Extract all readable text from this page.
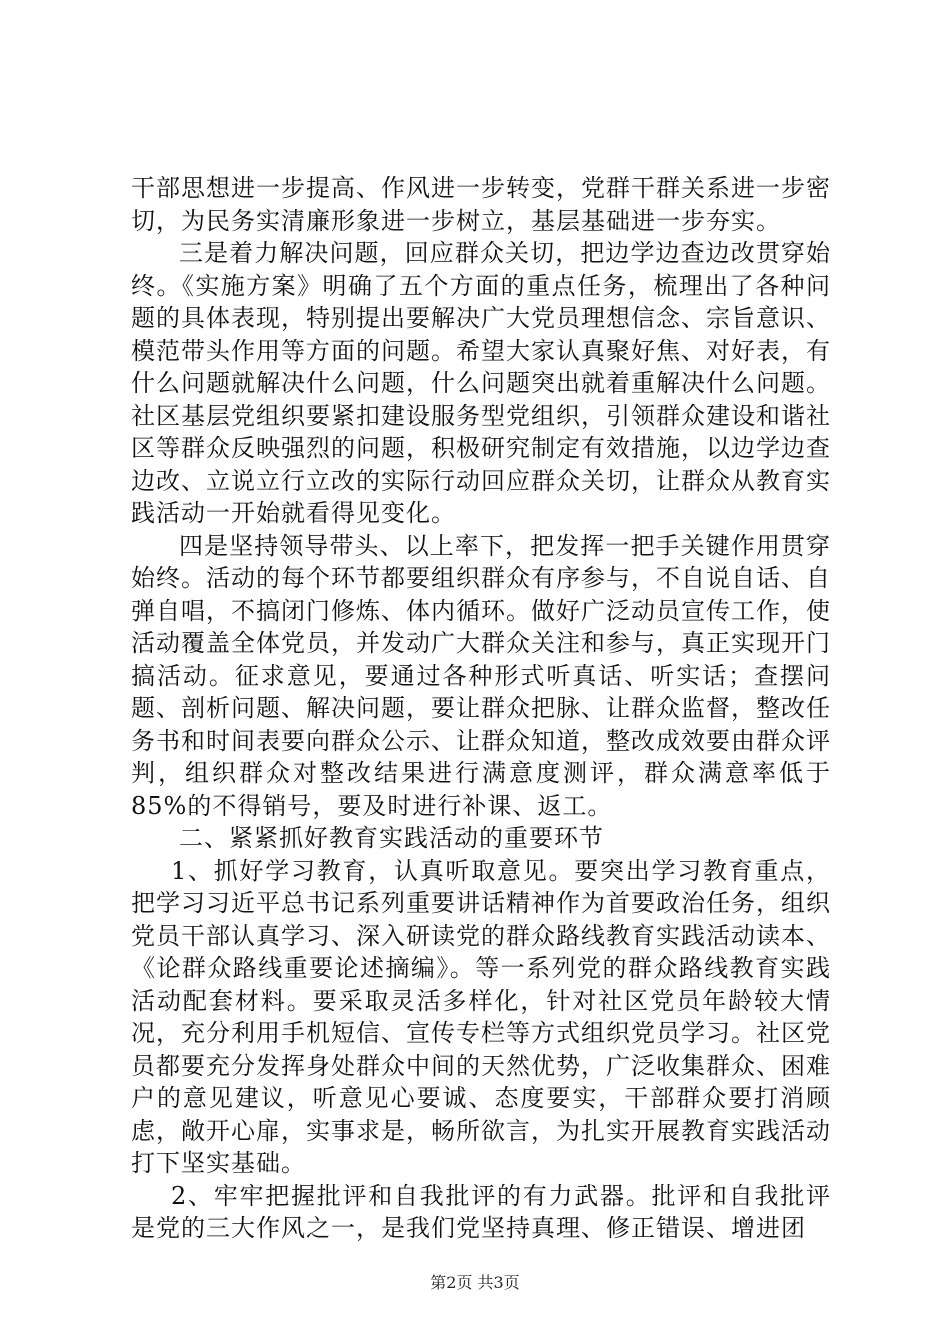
干部思想进一步提高、作风进一步转变，党群干群关系进一步密切，为民务实清廉形象进一步树立，基层基础进一步夯实。

三是着力解决问题，回应群众关切，把边学边查边改贯穿始终。《实施方案》明确了五个方面的重点任务，梳理出了各种问题的具体表现，特别提出要解决广大党员理想信念、宗旨意识、模范带头作用等方面的问题。希望大家认真聚好焦、对好表，有什么问题就解决什么问题，什么问题突出就着重解决什么问题。社区基层党组织要紧扣建设服务型党组织，引领群众建设和谐社区等群众反映强烈的问题，积极研究制定有效措施，以边学边查边改、立说立行立改的实际行动回应群众关切，让群众从教育实践活动一开始就看得见变化。

四是坚持领导带头、以上率下，把发挥一把手关键作用贯穿始终。活动的每个环节都要组织群众有序参与，不自说自话、自弹自唱，不搞闭门修炼、体内循环。做好广泛动员宣传工作，使活动覆盖全体党员，并发动广大群众关注和参与，真正实现开门搞活动。征求意见，要通过各种形式听真话、听实话；查摆问题、剖析问题、解决问题，要让群众把脉、让群众监督，整改任务书和时间表要向群众公示、让群众知道，整改成效要由群众评判，组织群众对整改结果进行满意度测评，群众满意率低于85%的不得销号，要及时进行补课、返工。

二、紧紧抓好教育实践活动的重要环节

1、抓好学习教育，认真听取意见。要突出学习教育重点，把学习习近平总书记系列重要讲话精神作为首要政治任务，组织党员干部认真学习、深入研读党的群众路线教育实践活动读本、《论群众路线重要论述摘编》。等一系列党的群众路线教育实践活动配套材料。要采取灵活多样化，针对社区党员年龄较大情况，充分利用手机短信、宣传专栏等方式组织党员学习。社区党员都要充分发挥身处群众中间的天然优势，广泛收集群众、困难户的意见建议，听意见心要诚、态度要实，干部群众要打消顾虑，敞开心扉，实事求是，畅所欲言，为扎实开展教育实践活动打下坚实基础。

2、牢牢把握批评和自我批评的有力武器。批评和自我批评是党的三大作风之一，是我们党坚持真理、修正错误、增进团

第2页 共3页
